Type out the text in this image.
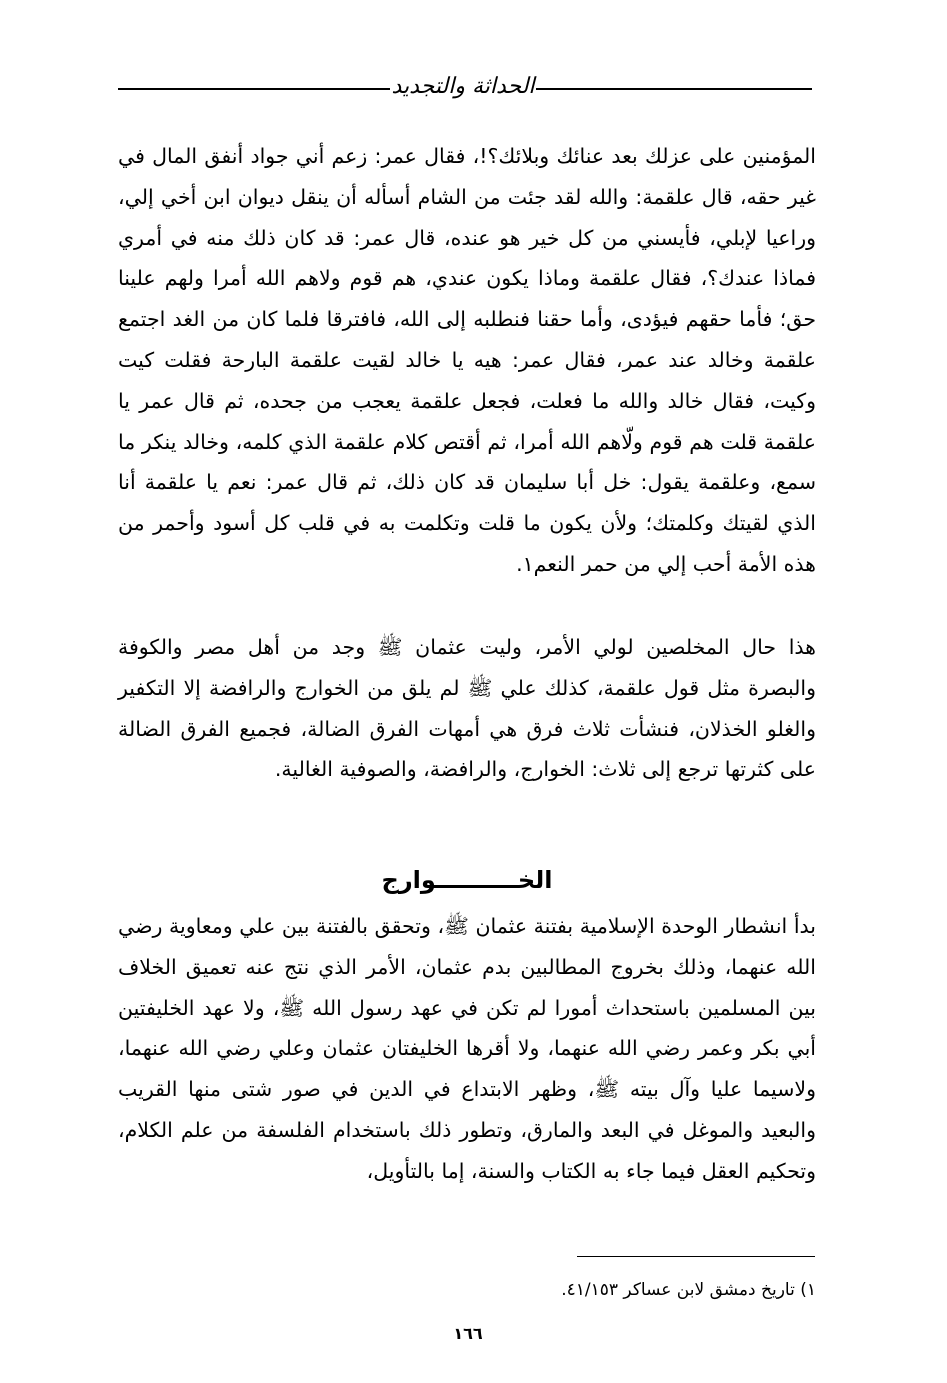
الحداثة والتجديد

المؤمنين على عزلك بعد عنائك وبلائك؟!، فقال عمر: زعم أني جواد أنفق المال في غير حقه، قال علقمة: والله لقد جئت من الشام أسأله أن ينقل ديوان ابن أخي إلي، وراعيا لإبلي، فأيسني من كل خير هو عنده، قال عمر: قد كان ذلك منه في أمري فماذا عندك؟، فقال علقمة وماذا يكون عندي، هم قوم ولاهم الله أمرا ولهم علينا حق؛ فأما حقهم فيؤدى، وأما حقنا فنطلبه إلى الله، فافترقا فلما كان من الغد اجتمع علقمة وخالد عند عمر، فقال عمر: هيه يا خالد لقيت علقمة البارحة فقلت كيت وكيت، فقال خالد والله ما فعلت، فجعل علقمة يعجب من جحده، ثم قال عمر يا علقمة قلت هم قوم ولّاهم الله أمرا، ثم أقتص كلام علقمة الذي كلمه، وخالد ينكر ما سمع، وعلقمة يقول: خل أبا سليمان قد كان ذلك، ثم قال عمر: نعم يا علقمة أنا الذي لقيتك وكلمتك؛ ولأن يكون ما قلت وتكلمت به في قلب كل أسود وأحمر من هذه الأمة أحب إلي من حمر النعم١.

هذا حال المخلصين لولي الأمر، وليت عثمان ﷺ وجد من أهل مصر والكوفة والبصرة مثل قول علقمة، كذلك علي ﷺ لم يلق من الخوارج والرافضة إلا التكفير والغلو الخذلان، فنشأت ثلاث فرق هي أمهات الفرق الضالة، فجميع الفرق الضالة على كثرتها ترجع إلى ثلاث: الخوارج، والرافضة، والصوفية الغالية.

الخــــــــــوارج

بدأ انشطار الوحدة الإسلامية بفتنة عثمان ﷺ، وتحقق بالفتنة بين علي ومعاوية رضي الله عنهما، وذلك بخروج المطالبين بدم عثمان، الأمر الذي نتج عنه تعميق الخلاف بين المسلمين باستحداث أمورا لم تكن في عهد رسول الله ﷺ، ولا عهد الخليفتين أبي بكر وعمر رضي الله عنهما، ولا أقرها الخليفتان عثمان وعلي رضي الله عنهما، ولاسيما عليا وآل بيته ﷺ، وظهر الابتداع في الدين في صور شتى منها القريب والبعيد والموغل في البعد والمارق، وتطور ذلك باستخدام الفلسفة من علم الكلام، وتحكيم العقل فيما جاء به الكتاب والسنة، إما بالتأويل،

١) تاريخ دمشق لابن عساكر ٤١/١٥٣.
١٦٦
